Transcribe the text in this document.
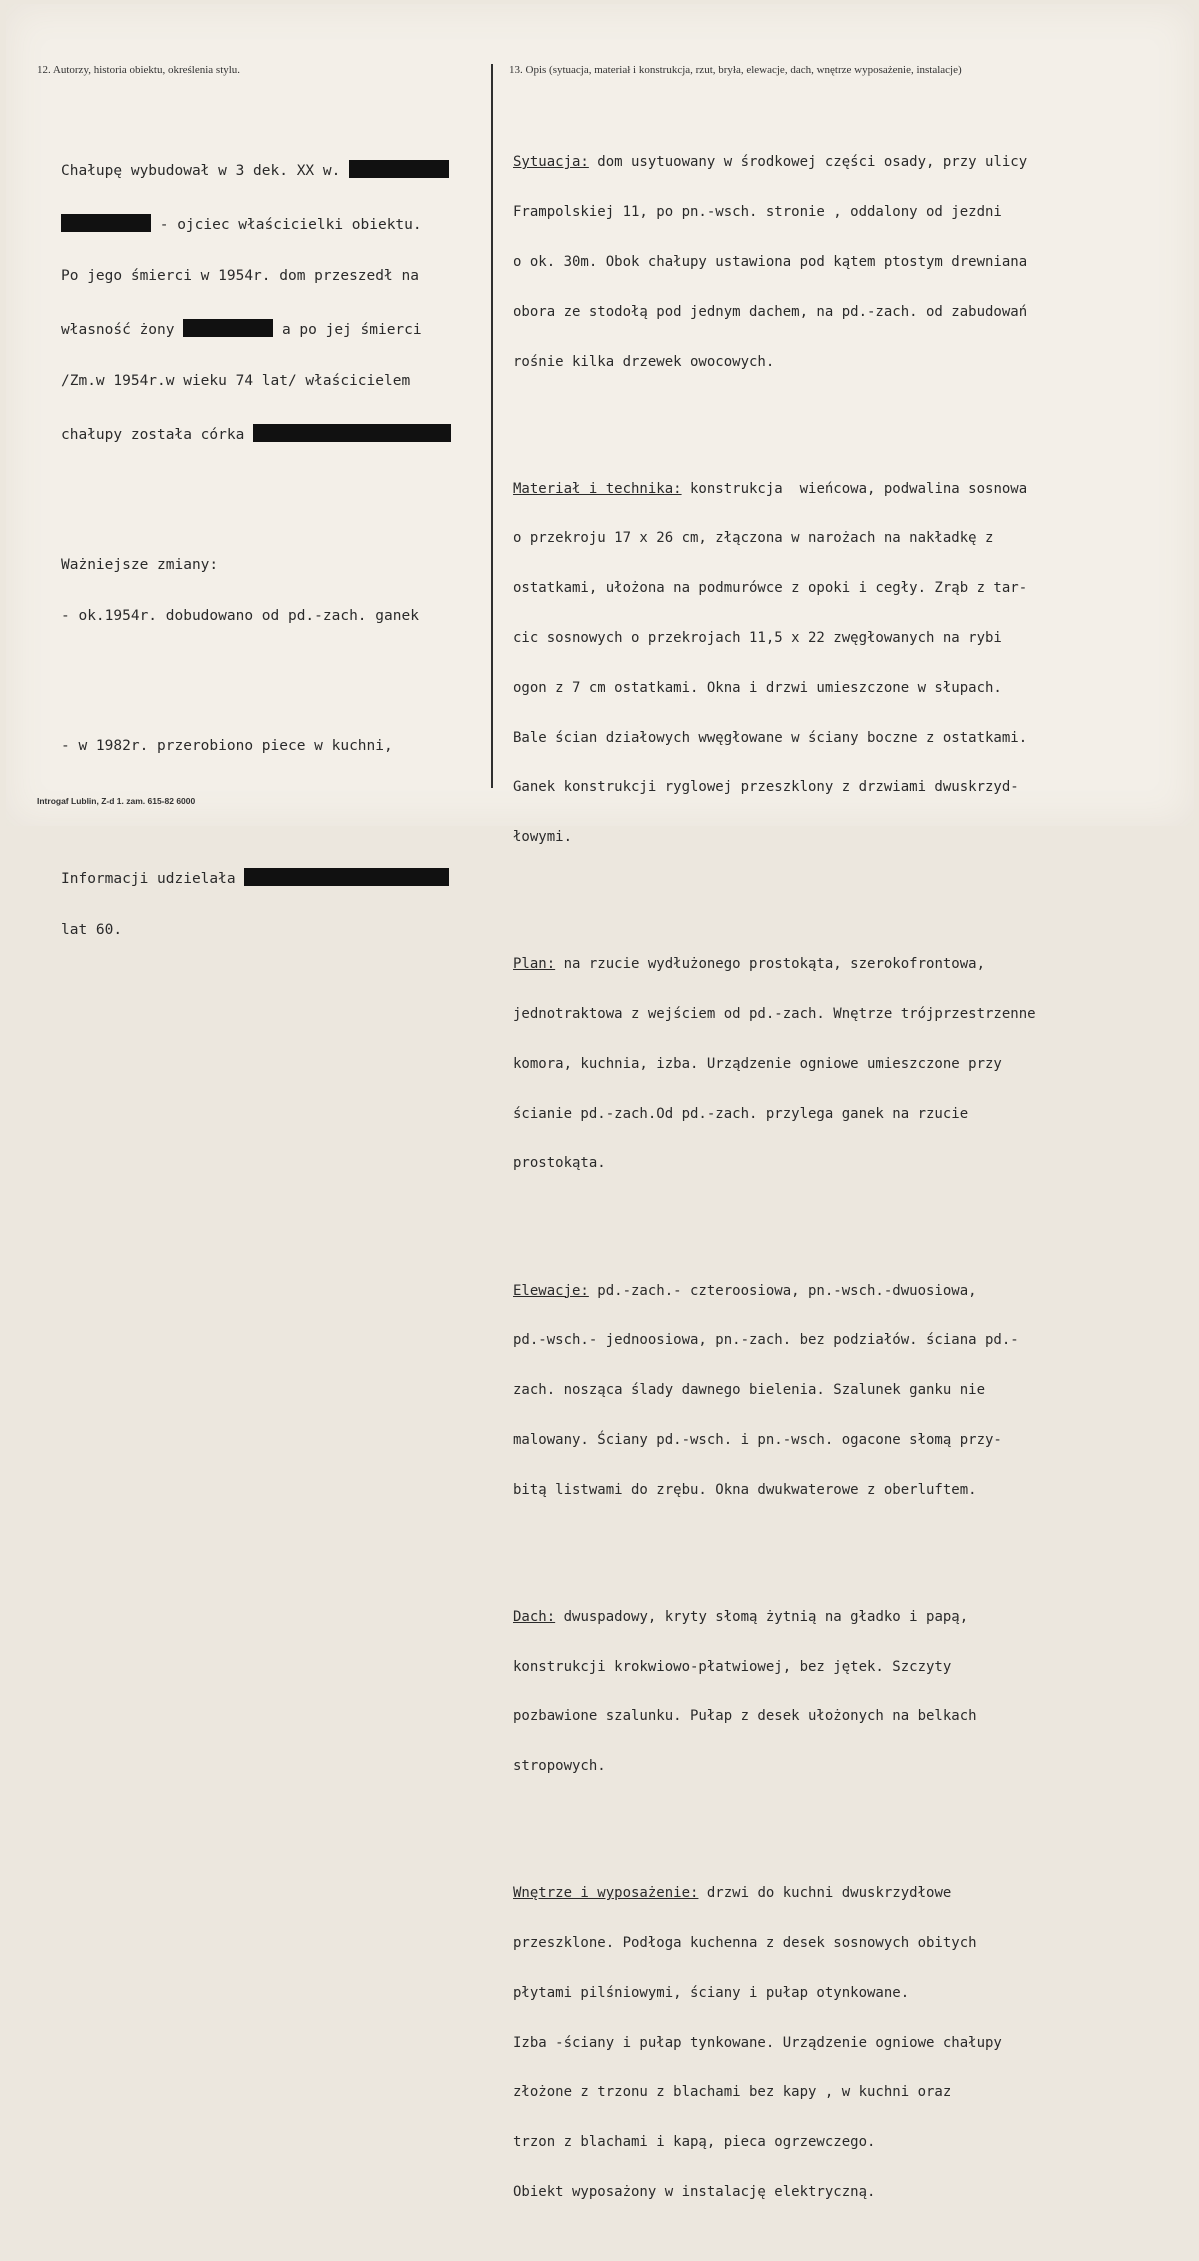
12. Autorzy, historia obiektu, określenia stylu.	13. Opis (sytuacja, materiał i konstrukcja, rzut, bryła, elewacje, dach, wnętrze wyposażenie, instalacje)

Chałupę wybudował w 3 dek. XX w.

- ojciec właścicielki obiektu.

Po jego śmierci w 1954r. dom przeszedł na

własność żony	a po jej śmierci

/Zm.w 1954r.w wieku 74 lat/ właścicielem

chałupy została córka

Ważniejsze zmiany:

- ok.1954r. dobudowano od pd.-zach. ganek

- w 1982r. przerobiono piece w kuchni,

Informacji udzielała

lat 60.

Sytuacja: dom usytuowany w środkowej części osady, przy ulicy

Frampolskiej 11, po pn.-wsch. stronie , oddalony od jezdni

o ok. 30m. Obok chałupy ustawiona pod kątem ptostym drewniana

obora ze stodołą pod jednym dachem, na pd.-zach. od zabudowań

rośnie kilka drzewek owocowych.

Materiał i technika: konstrukcja  wieńcowa, podwalina sosnowa

o przekroju 17 x 26 cm, złączona w narożach na nakładkę z

ostatkami, ułożona na podmurówce z opoki i cegły. Zrąb z tar-

cic sosnowych o przekrojach 11,5 x 22 zwęgłowanych na rybi

ogon z 7 cm ostatkami. Okna i drzwi umieszczone w słupach.

Bale ścian działowych wwęgłowane w ściany boczne z ostatkami.

Ganek konstrukcji ryglowej przeszklony z drzwiami dwuskrzyd-

łowymi.

Plan: na rzucie wydłużonego prostokąta, szerokofrontowa,

jednotraktowa z wejściem od pd.-zach. Wnętrze trójprzestrzenne

komora, kuchnia, izba. Urządzenie ogniowe umieszczone przy

ścianie pd.-zach.Od pd.-zach. przylega ganek na rzucie

prostokąta.

Elewacje: pd.-zach.- czteroosiowa, pn.-wsch.-dwuosiowa,

pd.-wsch.- jednoosiowa, pn.-zach. bez podziałów. ściana pd.-

zach. nosząca ślady dawnego bielenia. Szalunek ganku nie

malowany. Ściany pd.-wsch. i pn.-wsch. ogacone słomą przy-

bitą listwami do zrębu. Okna dwukwaterowe z oberluftem.

Dach: dwuspadowy, kryty słomą żytnią na gładko i papą,

konstrukcji krokwiowo-płatwiowej, bez jętek. Szczyty

pozbawione szalunku. Pułap z desek ułożonych na belkach

stropowych.

Wnętrze i wyposażenie: drzwi do kuchni dwuskrzydłowe

przeszklone. Podłoga kuchenna z desek sosnowych obitych

płytami pilśniowymi, ściany i pułap otynkowane.

Izba -ściany i pułap tynkowane. Urządzenie ogniowe chałupy

złożone z trzonu z blachami bez kapy , w kuchni oraz

trzon z blachami i kapą, pieca ogrzewczego.

Obiekt wyposażony w instalację elektryczną.

Introgaf Lublin, Z-d 1. zam. 615-82 6000
